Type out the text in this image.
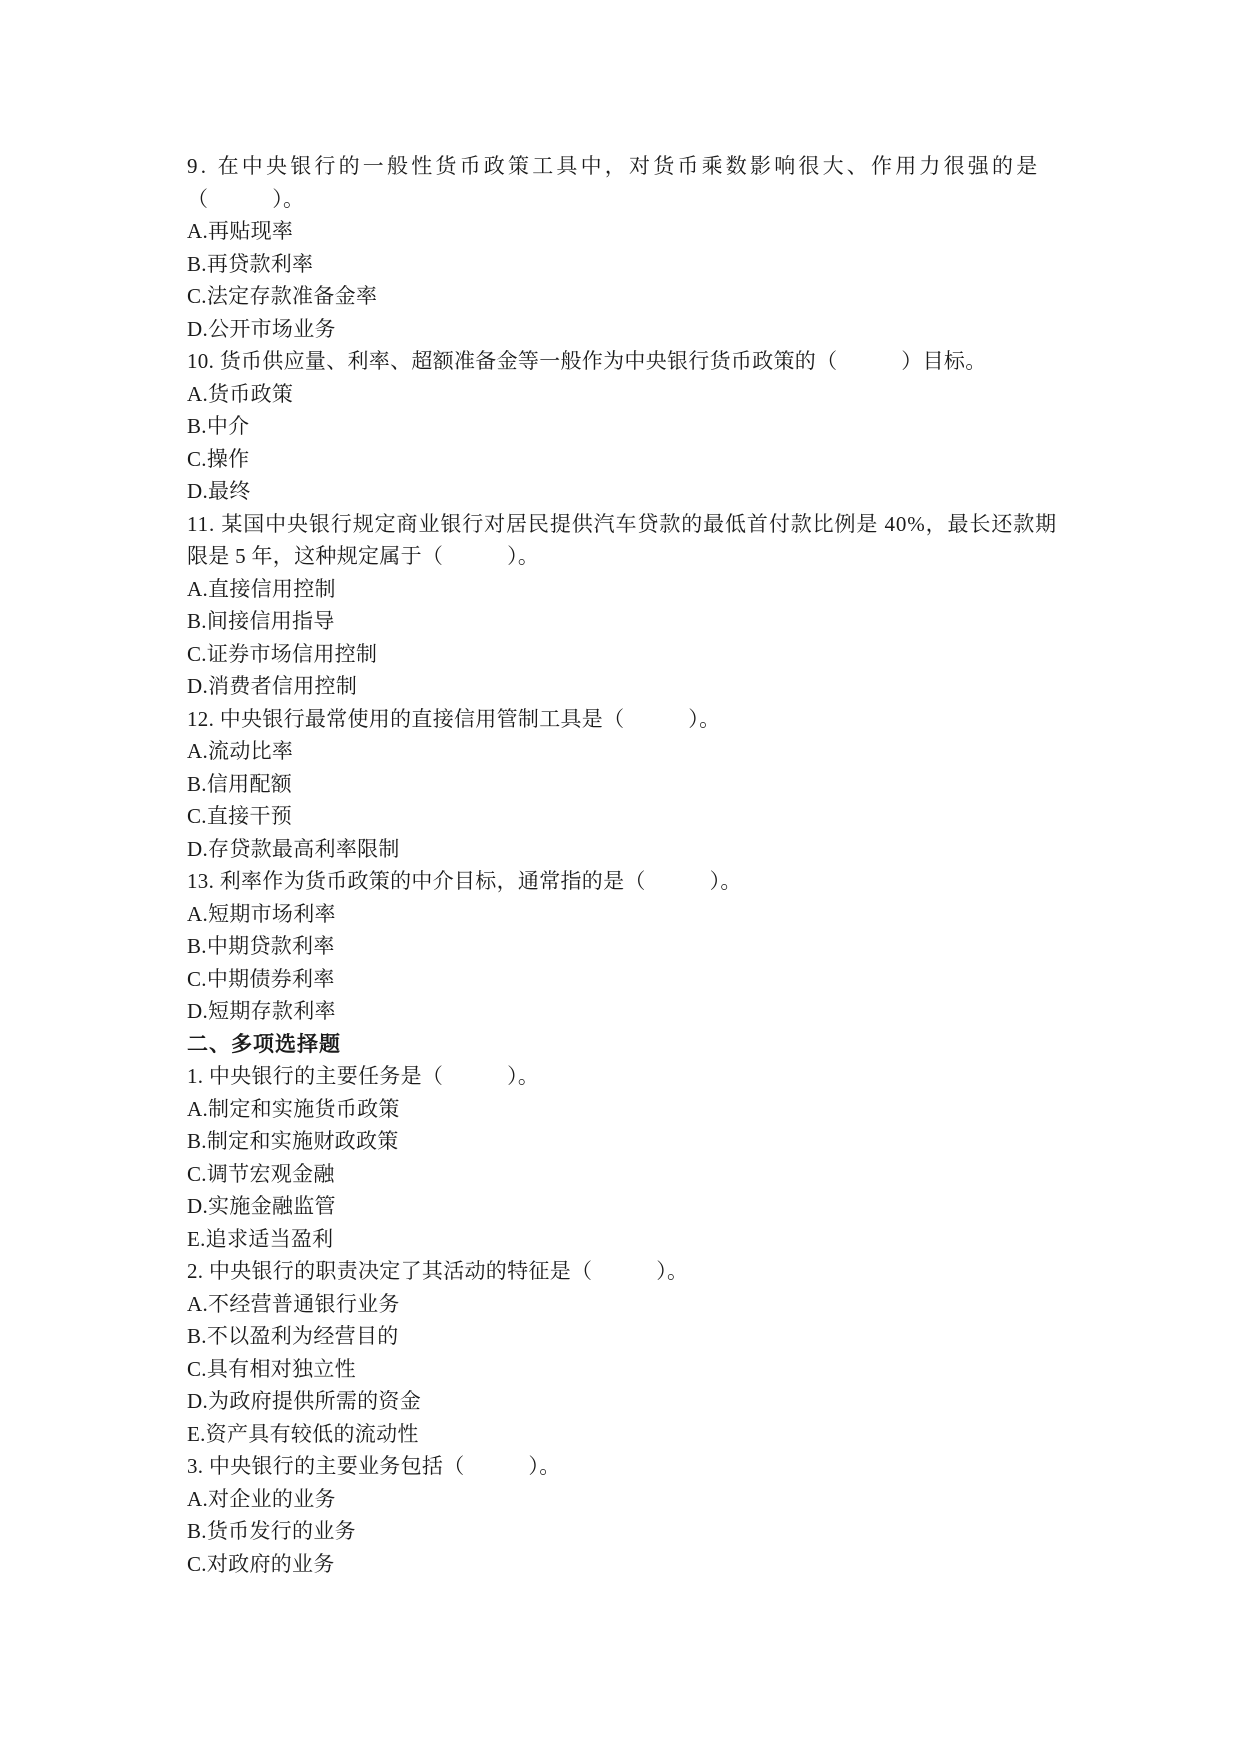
9. 在中央银行的一般性货币政策工具中，对货币乘数影响很大、作用力很强的是
（　　　）。
A.再贴现率
B.再贷款利率
C.法定存款准备金率
D.公开市场业务
10. 货币供应量、利率、超额准备金等一般作为中央银行货币政策的（　　　）目标。
A.货币政策
B.中介
C.操作
D.最终
11. 某国中央银行规定商业银行对居民提供汽车贷款的最低首付款比例是 40%，最长还款期
限是 5 年，这种规定属于（　　　）。
A.直接信用控制
B.间接信用指导
C.证券市场信用控制
D.消费者信用控制
12. 中央银行最常使用的直接信用管制工具是（　　　）。
A.流动比率
B.信用配额
C.直接干预
D.存贷款最高利率限制
13. 利率作为货币政策的中介目标，通常指的是（　　　）。
A.短期市场利率
B.中期贷款利率
C.中期债券利率
D.短期存款利率
二、多项选择题
1. 中央银行的主要任务是（　　　）。
A.制定和实施货币政策
B.制定和实施财政政策
C.调节宏观金融
D.实施金融监管
E.追求适当盈利
2. 中央银行的职责决定了其活动的特征是（　　　）。
A.不经营普通银行业务
B.不以盈利为经营目的
C.具有相对独立性
D.为政府提供所需的资金
E.资产具有较低的流动性
3. 中央银行的主要业务包括（　　　）。
A.对企业的业务
B.货币发行的业务
C.对政府的业务
